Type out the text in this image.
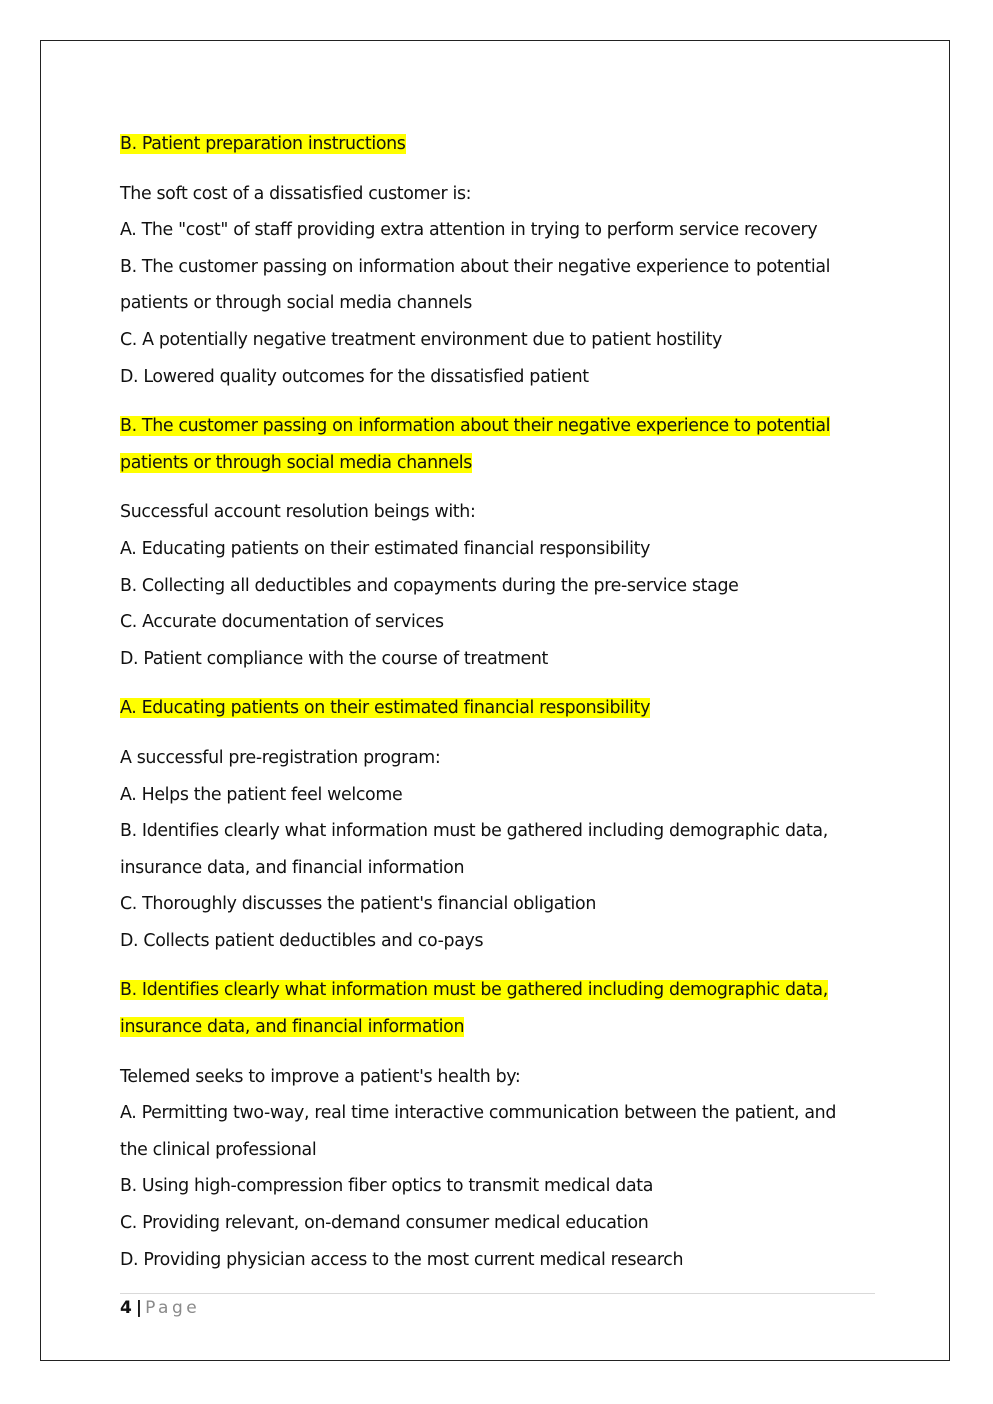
B. Patient preparation instructions
The soft cost of a dissatisfied customer is:
A. The "cost" of staff providing extra attention in trying to perform service recovery
B. The customer passing on information about their negative experience to potential
patients or through social media channels
C. A potentially negative treatment environment due to patient hostility
D. Lowered quality outcomes for the dissatisfied patient
B. The customer passing on information about their negative experience to potential
patients or through social media channels
Successful account resolution beings with:
A. Educating patients on their estimated financial responsibility
B. Collecting all deductibles and copayments during the pre-service stage
C. Accurate documentation of services
D. Patient compliance with the course of treatment
A. Educating patients on their estimated financial responsibility
A successful pre-registration program:
A. Helps the patient feel welcome
B. Identifies clearly what information must be gathered including demographic data,
insurance data, and financial information
C. Thoroughly discusses the patient's financial obligation
D. Collects patient deductibles and co-pays
B. Identifies clearly what information must be gathered including demographic data,
insurance data, and financial information
Telemed seeks to improve a patient's health by:
A. Permitting two-way, real time interactive communication between the patient, and
the clinical professional
B. Using high-compression fiber optics to transmit medical data
C. Providing relevant, on-demand consumer medical education
D. Providing physician access to the most current medical research
4 | Page
